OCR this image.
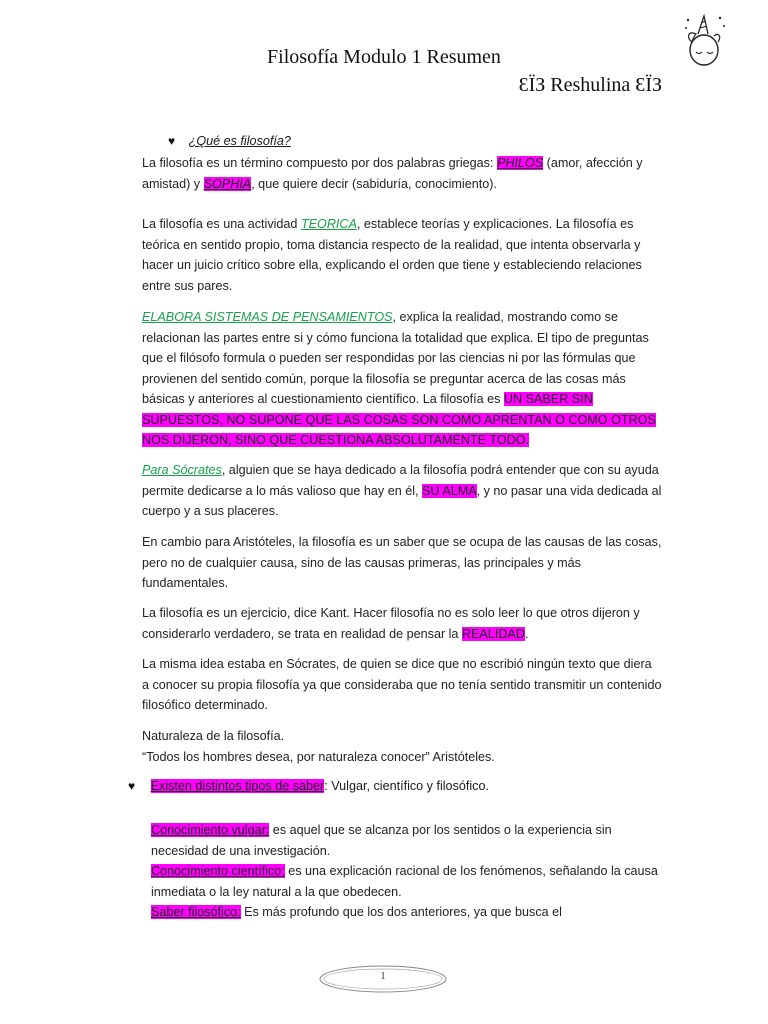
Filosofía Modulo 1 Resumen
ƐЇЗ Reshulina ƐЇЗ
♥ ¿Qué es filosofía?

La filosofía es un término compuesto por dos palabras griegas: PHILOS (amor, afección y amistad) y SOPHIA, que quiere decir (sabiduría, conocimiento).

La filosofía es una actividad TEORICA, establece teorías y explicaciones. La filosofía es teórica en sentido propio, toma distancia respecto de la realidad, que intenta observarla y hacer un juicio crítico sobre ella, explicando el orden que tiene y estableciendo relaciones entre sus pares.

ELABORA SISTEMAS DE PENSAMIENTOS, explica la realidad, mostrando como se relacionan las partes entre si y cómo funciona la totalidad que explica. El tipo de preguntas que el filósofo formula o pueden ser respondidas por las ciencias ni por las fórmulas que provienen del sentido común, porque la filosofía se preguntar acerca de las cosas más básicas y anteriores al cuestionamiento científico. La filosofía es UN SABER SIN SUPUESTOS, NO SUPONE QUE LAS COSAS SON COMO APRENTAN O COMO OTROS NOS DIJERON, SINO QUE CUESTIONA ABSOLUTAMENTE TODO.

Para Sócrates, alguien que se haya dedicado a la filosofía podrá entender que con su ayuda permite dedicarse a lo más valioso que hay en él, SU ALMA, y no pasar una vida dedicada al cuerpo y a sus placeres.

En cambio para Aristóteles, la filosofía es un saber que se ocupa de las causas de las cosas, pero no de cualquier causa, sino de las causas primeras, las principales y más fundamentales.

La filosofía es un ejercicio, dice Kant. Hacer filosofía no es solo leer lo que otros dijeron y considerarlo verdadero, se trata en realidad de pensar la REALIDAD.

La misma idea estaba en Sócrates, de quien se dice que no escribió ningún texto que diera a conocer su propia filosofía ya que consideraba que no tenía sentido transmitir un contenido filosófico determinado.

Naturaleza de la filosofía.
“Todos los hombres desea, por naturaleza conocer” Aristóteles.
♥ Existen distintos tipos de saber: Vulgar, científico y filosófico.
Conocimiento vulgar: es aquel que se alcanza por los sentidos o la experiencia sin necesidad de una investigación.
Conocimiento científico: es una explicación racional de los fenómenos, señalando la causa inmediata o la ley natural a la que obedecen.
Saber filosófico: Es más profundo que los dos anteriores, ya que busca el
1
